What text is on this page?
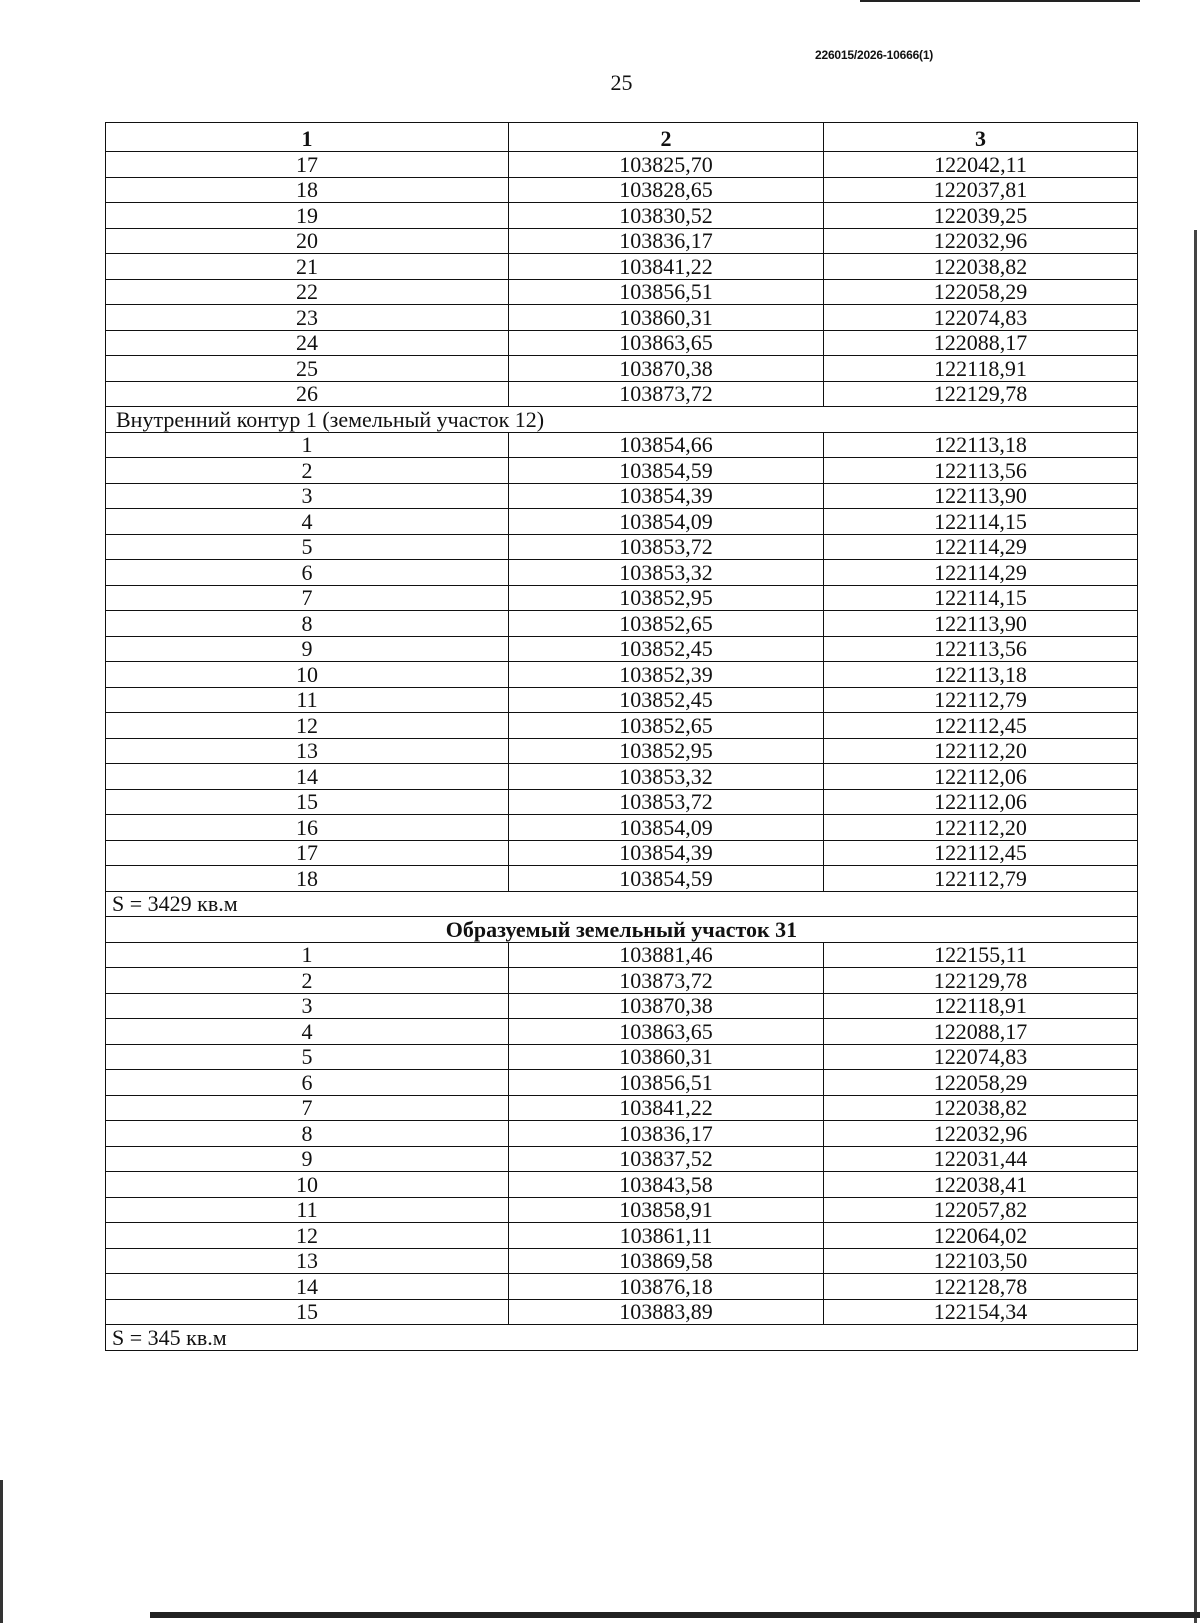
226015/2026-10666(1)
25
1	2	3
17	103825,70	122042,11
18	103828,65	122037,81
19	103830,52	122039,25
20	103836,17	122032,96
21	103841,22	122038,82
22	103856,51	122058,29
23	103860,31	122074,83
24	103863,65	122088,17
25	103870,38	122118,91
26	103873,72	122129,78
Внутренний контур 1 (земельный участок 12)		
1	103854,66	122113,18
2	103854,59	122113,56
3	103854,39	122113,90
4	103854,09	122114,15
5	103853,72	122114,29
6	103853,32	122114,29
7	103852,95	122114,15
8	103852,65	122113,90
9	103852,45	122113,56
10	103852,39	122113,18
11	103852,45	122112,79
12	103852,65	122112,45
13	103852,95	122112,20
14	103853,32	122112,06
15	103853,72	122112,06
16	103854,09	122112,20
17	103854,39	122112,45
18	103854,59	122112,79
S = 3429 кв.м		
Образуемый земельный участок 31		
1	103881,46	122155,11
2	103873,72	122129,78
3	103870,38	122118,91
4	103863,65	122088,17
5	103860,31	122074,83
6	103856,51	122058,29
7	103841,22	122038,82
8	103836,17	122032,96
9	103837,52	122031,44
10	103843,58	122038,41
11	103858,91	122057,82
12	103861,11	122064,02
13	103869,58	122103,50
14	103876,18	122128,78
15	103883,89	122154,34
S = 345 кв.м		
